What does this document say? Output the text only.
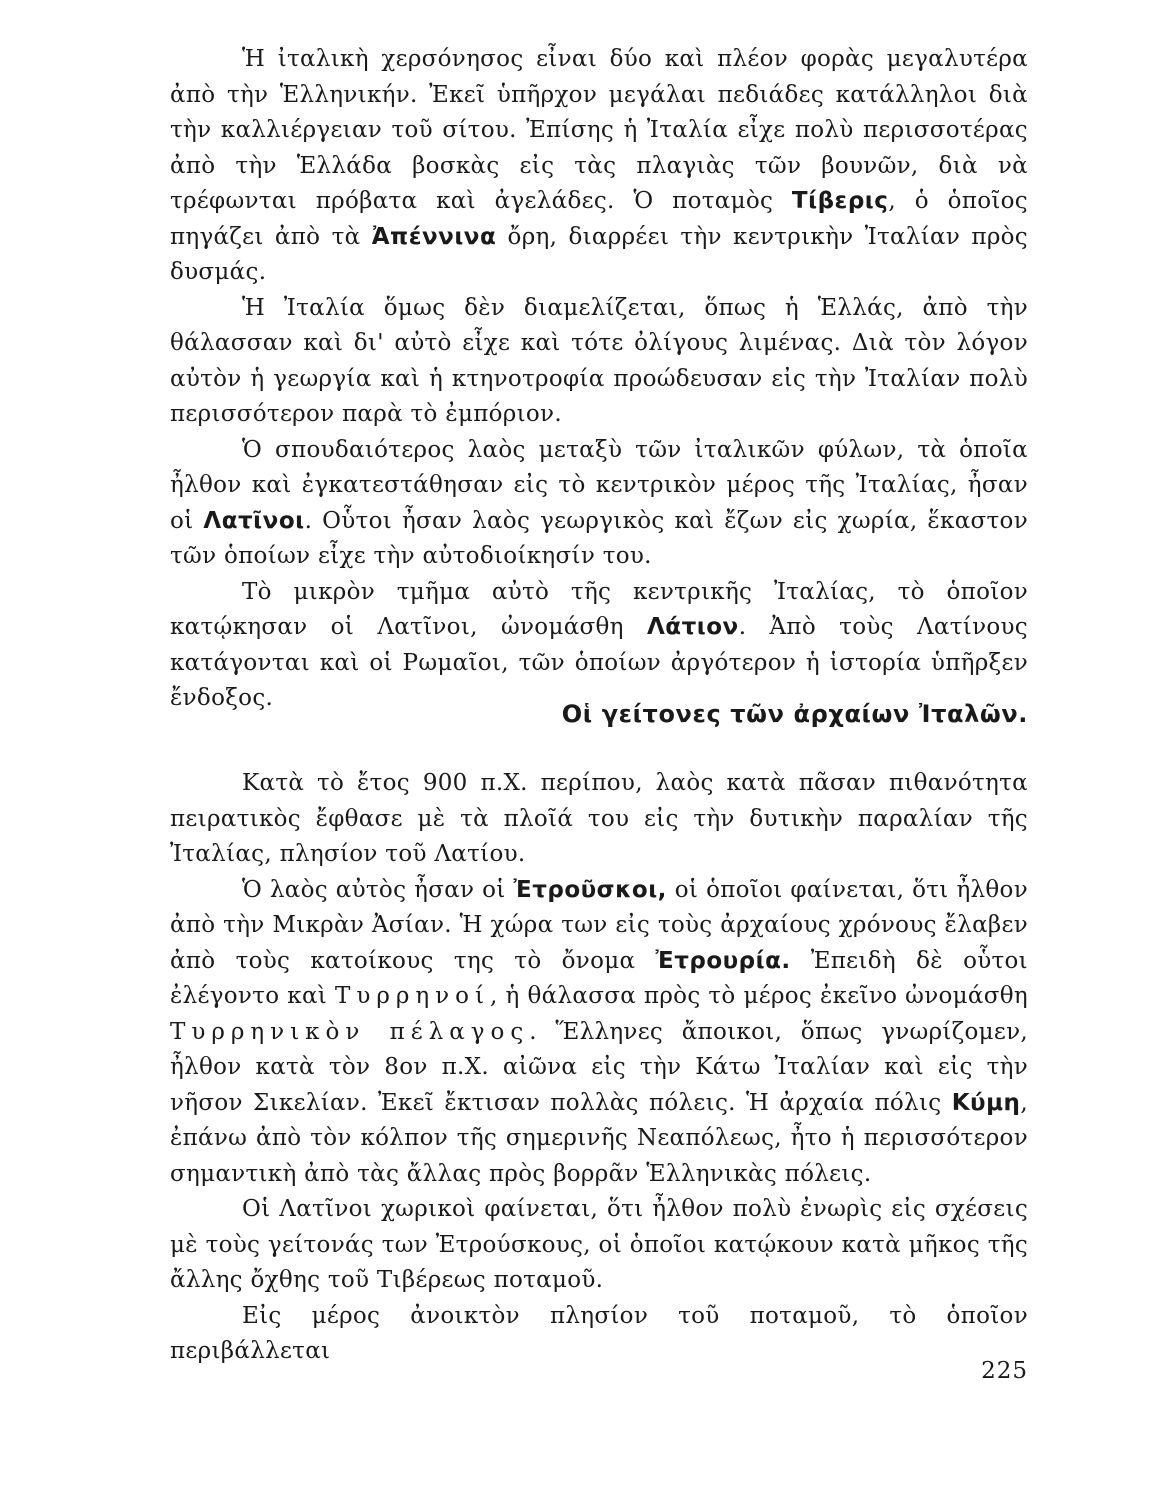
Ἡ ἰταλικὴ χερσόνησος εἶναι δύο καὶ πλέον φορὰς μεγαλυτέρα ἀπὸ τὴν Ἑλληνικήν. Ἐκεῖ ὑπῆρχον μεγάλαι πεδιάδες κατάλληλοι διὰ τὴν καλλιέργειαν τοῦ σίτου. Ἐπίσης ἡ Ἰταλία εἶχε πολὺ περισσοτέρας ἀπὸ τὴν Ἑλλάδα βοσκὰς εἰς τὰς πλαγιὰς τῶν βουνῶν, διὰ νὰ τρέφωνται πρόβατα καὶ ἀγελάδες. Ὁ ποταμὸς Τίβερις, ὁ ὁποῖος πηγάζει ἀπὸ τὰ Ἀπέννινα ὄρη, διαρρέει τὴν κεντρικὴν Ἰταλίαν πρὸς δυσμάς.

Ἡ Ἰταλία ὅμως δὲν διαμελίζεται, ὅπως ἡ Ἑλλάς, ἀπὸ τὴν θάλασσαν καὶ δι' αὐτὸ εἶχε καὶ τότε ὀλίγους λιμένας. Διὰ τὸν λόγον αὐτὸν ἡ γεωργία καὶ ἡ κτηνοτροφία προώδευσαν εἰς τὴν Ἰταλίαν πολὺ περισσότερον παρὰ τὸ ἐμπόριον.

Ὁ σπουδαιότερος λαὸς μεταξὺ τῶν ἰταλικῶν φύλων, τὰ ὁποῖα ἦλθον καὶ ἐγκατεστάθησαν εἰς τὸ κεντρικὸν μέρος τῆς Ἰταλίας, ἦσαν οἱ Λατῖνοι. Οὗτοι ἦσαν λαὸς γεωργικὸς καὶ ἔζων εἰς χωρία, ἕκαστον τῶν ὁποίων εἶχε τὴν αὐτοδιοίκησίν του.

Τὸ μικρὸν τμῆμα αὐτὸ τῆς κεντρικῆς Ἰταλίας, τὸ ὁποῖον κατῴκησαν οἱ Λατῖνοι, ὠνομάσθη Λάτιον. Ἀπὸ τοὺς Λατίνους κατάγονται καὶ οἱ Ρωμαῖοι, τῶν ὁποίων ἀργότερον ἡ ἱστορία ὑπῆρξεν ἔνδοξος.

Οἱ γείτονες τῶν ἀρχαίων Ἰταλῶν.

Κατὰ τὸ ἔτος 900 π.Χ. περίπου, λαὸς κατὰ πᾶσαν πιθανότητα πειρατικὸς ἔφθασε μὲ τὰ πλοῖά του εἰς τὴν δυτικὴν παραλίαν τῆς Ἰταλίας, πλησίον τοῦ Λατίου.

Ὁ λαὸς αὐτὸς ἦσαν οἱ Ἐτροῦσκοι, οἱ ὁποῖοι φαίνεται, ὅτι ἦλθον ἀπὸ τὴν Μικρὰν Ἀσίαν. Ἡ χώρα των εἰς τοὺς ἀρχαίους χρόνους ἔλαβεν ἀπὸ τοὺς κατοίκους της τὸ ὄνομα Ἐτρουρία. Ἐπειδὴ δὲ οὗτοι ἐλέγοντο καὶ Τυρρηνοί, ἡ θάλασσα πρὸς τὸ μέρος ἐκεῖνο ὠνομάσθη Τυρρηνικὸν πέλαγος. Ἕλληνες ἄποικοι, ὅπως γνωρίζομεν, ἦλθον κατὰ τὸν 8ον π.Χ. αἰῶνα εἰς τὴν Κάτω Ἰταλίαν καὶ εἰς τὴν νῆσον Σικελίαν. Ἐκεῖ ἔκτισαν πολλὰς πόλεις. Ἡ ἀρχαία πόλις Κύμη, ἐπάνω ἀπὸ τὸν κόλπον τῆς σημερινῆς Νεαπόλεως, ἦτο ἡ περισσότερον σημαντικὴ ἀπὸ τὰς ἄλλας πρὸς βορρᾶν Ἑλληνικὰς πόλεις.

Οἱ Λατῖνοι χωρικοὶ φαίνεται, ὅτι ἦλθον πολὺ ἐνωρὶς εἰς σχέσεις μὲ τοὺς γείτονάς των Ἐτρούσκους, οἱ ὁποῖοι κατῴκουν κατὰ μῆκος τῆς ἄλλης ὄχθης τοῦ Τιβέρεως ποταμοῦ.

Εἰς μέρος ἀνοικτὸν πλησίον τοῦ ποταμοῦ, τὸ ὁποῖον περιβάλλεται

225
